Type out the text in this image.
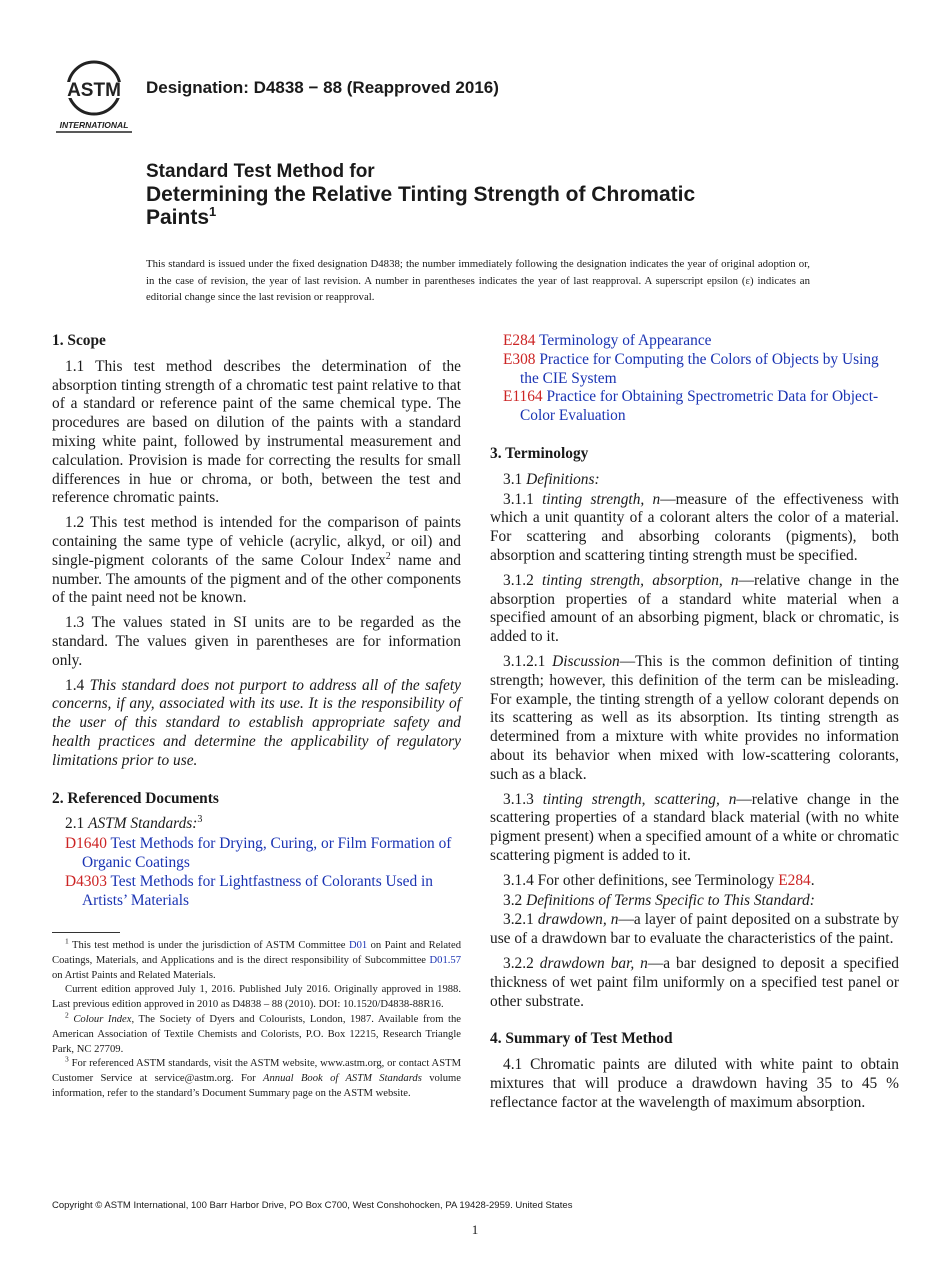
ASTM
INTERNATIONAL
Designation: D4838 − 88 (Reapproved 2016)
Standard Test Method for
Determining the Relative Tinting Strength of Chromatic
Paints$^1$
This standard is issued under the fixed designation D4838; the number immediately following the designation indicates the year of original adoption or, in the case of revision, the year of last revision. A number in parentheses indicates the year of last reapproval. A superscript epsilon (ε) indicates an editorial change since the last revision or reapproval.
1. Scope

1.1 This test method describes the determination of the absorption tinting strength of a chromatic test paint relative to that of a standard or reference paint of the same chemical type. The procedures are based on dilution of the paints with a standard mixing white paint, followed by instrumental measurement and calculation. Provision is made for correcting the results for small differences in hue or chroma, or both, between the test and reference chromatic paints.

1.2 This test method is intended for the comparison of paints containing the same type of vehicle (acrylic, alkyd, or oil) and single-pigment colorants of the same Colour Index$^2$ name and number. The amounts of the pigment and of the other components of the paint need not be known.

1.3 The values stated in SI units are to be regarded as the standard. The values given in parentheses are for information only.

1.4 This standard does not purport to address all of the safety concerns, if any, associated with its use. It is the responsibility of the user of this standard to establish appropriate safety and health practices and determine the applicability of regulatory limitations prior to use.

2. Referenced Documents

2.1 ASTM Standards:$^3$

D1640 Test Methods for Drying, Curing, or Film Formation of Organic Coatings

D4303 Test Methods for Lightfastness of Colorants Used in Artists’ Materials

$^1$ This test method is under the jurisdiction of ASTM Committee D01 on Paint and Related Coatings, Materials, and Applications and is the direct responsibility of Subcommittee D01.57 on Artist Paints and Related Materials.

Current edition approved July 1, 2016. Published July 2016. Originally approved in 1988. Last previous edition approved in 2010 as D4838 – 88 (2010). DOI: 10.1520/D4838-88R16.

$^2$ Colour Index, The Society of Dyers and Colourists, London, 1987. Available from the American Association of Textile Chemists and Colorists, P.O. Box 12215, Research Triangle Park, NC 27709.

$^3$ For referenced ASTM standards, visit the ASTM website, www.astm.org, or contact ASTM Customer Service at service@astm.org. For Annual Book of ASTM Standards volume information, refer to the standard’s Document Summary page on the ASTM website.

E284 Terminology of Appearance

E308 Practice for Computing the Colors of Objects by Using the CIE System

E1164 Practice for Obtaining Spectrometric Data for Object-Color Evaluation

3. Terminology

3.1 Definitions:

3.1.1 tinting strength, n—measure of the effectiveness with which a unit quantity of a colorant alters the color of a material. For scattering and absorbing colorants (pigments), both absorption and scattering tinting strength must be specified.

3.1.2 tinting strength, absorption, n—relative change in the absorption properties of a standard white material when a specified amount of an absorbing pigment, black or chromatic, is added to it.

3.1.2.1 Discussion—This is the common definition of tinting strength; however, this definition of the term can be misleading. For example, the tinting strength of a yellow colorant depends on its scattering as well as its absorption. Its tinting strength as determined from a mixture with white provides no information about its behavior when mixed with low-scattering colorants, such as a black.

3.1.3 tinting strength, scattering, n—relative change in the scattering properties of a standard black material (with no white pigment present) when a specified amount of a white or chromatic scattering pigment is added to it.

3.1.4 For other definitions, see Terminology E284.

3.2 Definitions of Terms Specific to This Standard:

3.2.1 drawdown, n—a layer of paint deposited on a substrate by use of a drawdown bar to evaluate the characteristics of the paint.

3.2.2 drawdown bar, n—a bar designed to deposit a specified thickness of wet paint film uniformly on a specified test panel or other substrate.

4. Summary of Test Method

4.1 Chromatic paints are diluted with white paint to obtain mixtures that will produce a drawdown having 35 to 45 % reflectance factor at the wavelength of maximum absorption.

Copyright © ASTM International, 100 Barr Harbor Drive, PO Box C700, West Conshohocken, PA 19428-2959. United States
1
